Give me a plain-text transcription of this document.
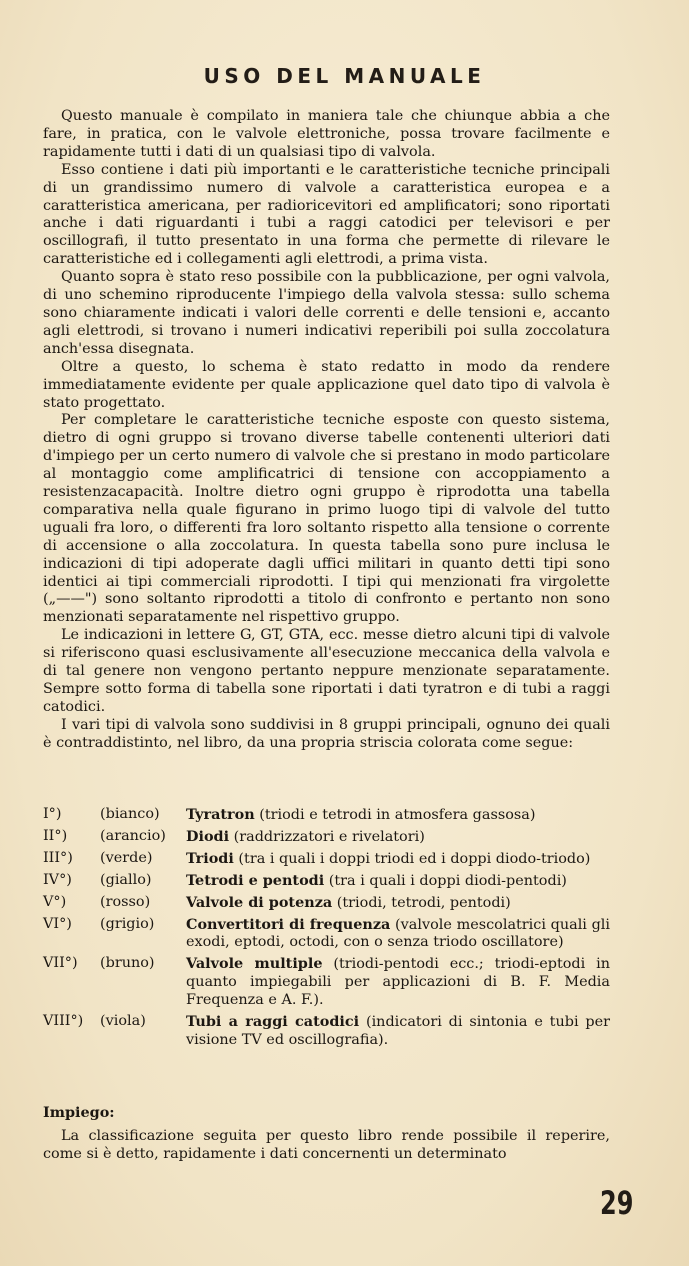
USO DEL MANUALE

Questo manuale è compilato in maniera tale che chiunque abbia a che fare, in pratica, con le valvole elettroniche, possa trovare facilmente e rapidamente tutti i dati di un qualsiasi tipo di valvola.

Esso contiene i dati più importanti e le caratteristiche tecniche principali di un grandissimo numero di valvole a caratteristica europea e a caratteristica americana, per radioricevitori ed amplificatori; sono riportati anche i dati riguardanti i tubi a raggi catodici per televisori e per oscillografi, il tutto presentato in una forma che permette di rilevare le caratteristiche ed i collegamenti agli elettrodi, a prima vista.

Quanto sopra è stato reso possibile con la pubblicazione, per ogni valvola, di uno schemino riproducente l'impiego della valvola stessa: sullo schema sono chiaramente indicati i valori delle correnti e delle tensioni e, accanto agli elettrodi, si trovano i numeri indicativi reperibili poi sulla zoccolatura anch'essa disegnata.

Oltre a questo, lo schema è stato redatto in modo da rendere immediatamente evidente per quale applicazione quel dato tipo di valvola è stato progettato.

Per completare le caratteristiche tecniche esposte con questo sistema, dietro di ogni gruppo si trovano diverse tabelle contenenti ulteriori dati d'impiego per un certo numero di valvole che si prestano in modo particolare al montaggio come amplificatrici di tensione con accoppiamento a resistenzacapacità. Inoltre dietro ogni gruppo è riprodotta una tabella comparativa nella quale figurano in primo luogo tipi di valvole del tutto uguali fra loro, o differenti fra loro soltanto rispetto alla tensione o corrente di accensione o alla zoccolatura. In questa tabella sono pure inclusa le indicazioni di tipi adoperate dagli uffici militari in quanto detti tipi sono identici ai tipi commerciali riprodotti. I tipi qui menzionati fra virgolette („——") sono soltanto riprodotti a titolo di confronto e pertanto non sono menzionati separatamente nel rispettivo gruppo.

Le indicazioni in lettere G, GT, GTA, ecc. messe dietro alcuni tipi di valvole si riferiscono quasi esclusivamente all'esecuzione meccanica della valvola e di tal genere non vengono pertanto neppure menzionate separatamente. Sempre sotto forma di tabella sone riportati i dati tyratron e di tubi a raggi catodici.

I vari tipi di valvola sono suddivisi in 8 gruppi principali, ognuno dei quali è contraddistinto, nel libro, da una propria striscia colorata come segue:

I°)	(bianco)	Tyratron (triodi e tetrodi in atmosfera gassosa)
II°)	(arancio)	Diodi (raddrizzatori e rivelatori)
III°)	(verde)	Triodi (tra i quali i doppi triodi ed i doppi diodo-triodo)
IV°)	(giallo)	Tetrodi e pentodi (tra i quali i doppi diodi-pentodi)
V°)	(rosso)	Valvole di potenza (triodi, tetrodi, pentodi)
VI°)	(grigio)	Convertitori di frequenza (valvole mescolatrici quali gli exodi, eptodi, octodi, con o senza triodo oscillatore)
VII°)	(bruno)	Valvole multiple (triodi-pentodi ecc.; triodi-eptodi in quanto impiegabili per applicazioni di B. F. Media Frequenza e A. F.).
VIII°)	(viola)	Tubi a raggi catodici (indicatori di sintonia e tubi per visione TV ed oscillografia).
Impiego:

La classificazione seguita per questo libro rende possibile il reperire, come si è detto, rapidamente i dati concernenti un determinato

29
